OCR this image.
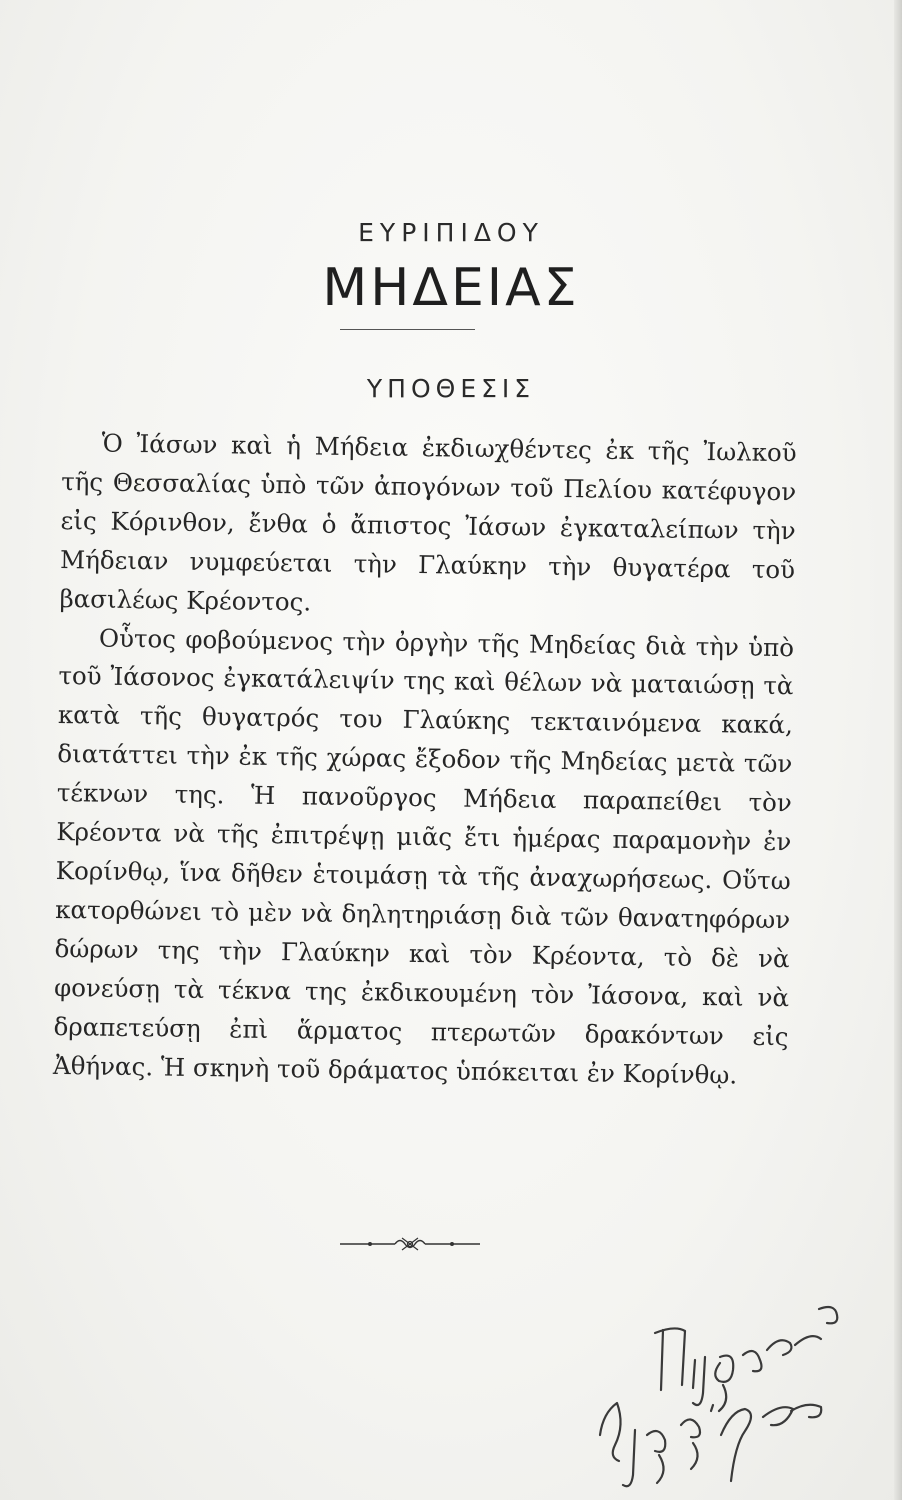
ΕΥΡΙΠΙΔΟΥ
ΜΗΔΕΙΑΣ
ΥΠΟΘΕΣΙΣ

Ὁ Ἰάσων καὶ ἡ Μήδεια ἐκδιωχθέντες ἐκ τῆς Ἰωλκοῦ τῆς Θεσσαλίας ὑπὸ τῶν ἀπογόνων τοῦ Πελίου κατέφυγον εἰς Κόρινθον, ἔνθα ὁ ἄπιστος Ἰάσων ἐγκαταλείπων τὴν Μήδειαν νυμφεύεται τὴν Γλαύκην τὴν θυγατέρα τοῦ βασιλέως Κρέοντος.

Οὗτος φοβούμενος τὴν ὀργὴν τῆς Μηδείας διὰ τὴν ὑπὸ τοῦ Ἰάσονος ἐγκατάλειψίν της καὶ θέλων νὰ ματαιώσῃ τὰ κατὰ τῆς θυγατρός του Γλαύκης τεκταινόμενα κακά, διατάττει τὴν ἐκ τῆς χώρας ἔξοδον τῆς Μηδείας μετὰ τῶν τέκνων της. Ἡ πανοῦργος Μήδεια παραπείθει τὸν Κρέοντα νὰ τῆς ἐπιτρέψῃ μιᾶς ἔτι ἡμέρας παραμονὴν ἐν Κορίνθῳ, ἵνα δῆθεν ἑτοιμάσῃ τὰ τῆς ἀναχωρήσεως. Οὕτω κατορθώνει τὸ μὲν νὰ δηλητηριάσῃ διὰ τῶν θανατηφόρων δώρων της τὴν Γλαύκην καὶ τὸν Κρέοντα, τὸ δὲ νὰ φονεύσῃ τὰ τέκνα της ἐκδικουμένη τὸν Ἰάσονα, καὶ νὰ δραπετεύσῃ ἐπὶ ἅρματος πτερωτῶν δρακόντων εἰς Ἀθήνας. Ἡ σκηνὴ τοῦ δράματος ὑπόκειται ἐν Κορίνθῳ.
